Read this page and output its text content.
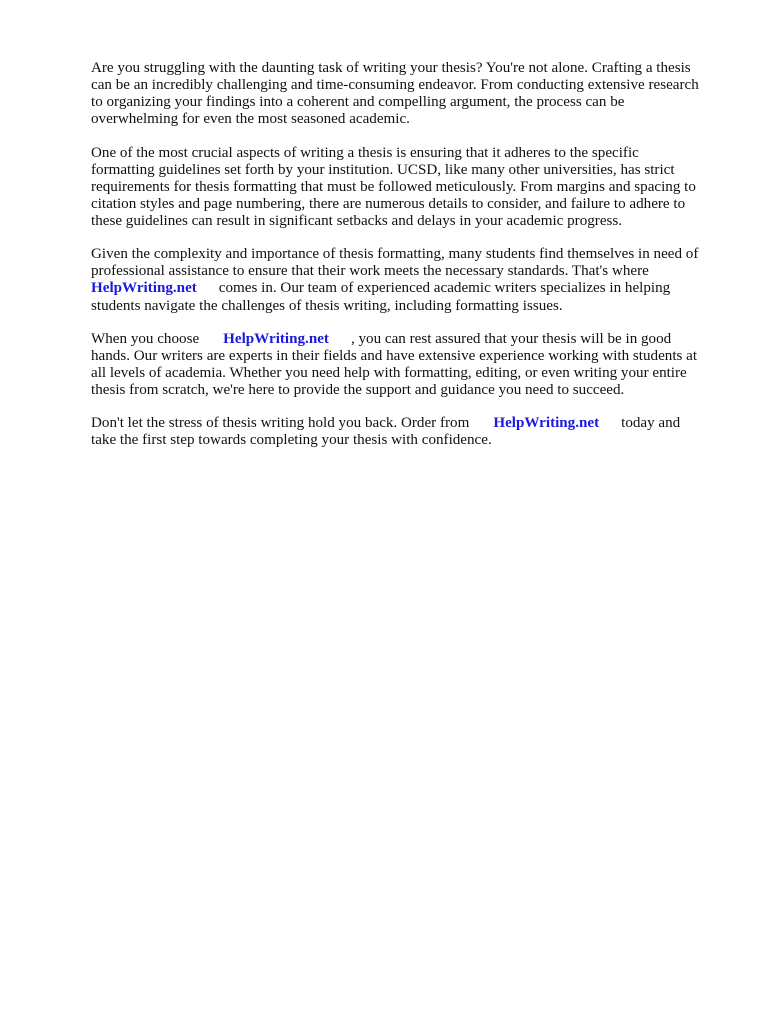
Are you struggling with the daunting task of writing your thesis? You're not alone. Crafting a thesis
can be an incredibly challenging and time-consuming endeavor. From conducting extensive research
to organizing your findings into a coherent and compelling argument, the process can be
overwhelming for even the most seasoned academic.
One of the most crucial aspects of writing a thesis is ensuring that it adheres to the specific
formatting guidelines set forth by your institution. UCSD, like many other universities, has strict
requirements for thesis formatting that must be followed meticulously. From margins and spacing to
citation styles and page numbering, there are numerous details to consider, and failure to adhere to
these guidelines can result in significant setbacks and delays in your academic progress.
Given the complexity and importance of thesis formatting, many students find themselves in need of
professional assistance to ensure that their work meets the necessary standards. That's where
HelpWriting.net comes in. Our team of experienced academic writers specializes in helping
students navigate the challenges of thesis writing, including formatting issues.
When you choose HelpWriting.net , you can rest assured that your thesis will be in good
hands. Our writers are experts in their fields and have extensive experience working with students at
all levels of academia. Whether you need help with formatting, editing, or even writing your entire
thesis from scratch, we're here to provide the support and guidance you need to succeed.
Don't let the stress of thesis writing hold you back. Order from HelpWriting.net today and
take the first step towards completing your thesis with confidence.
